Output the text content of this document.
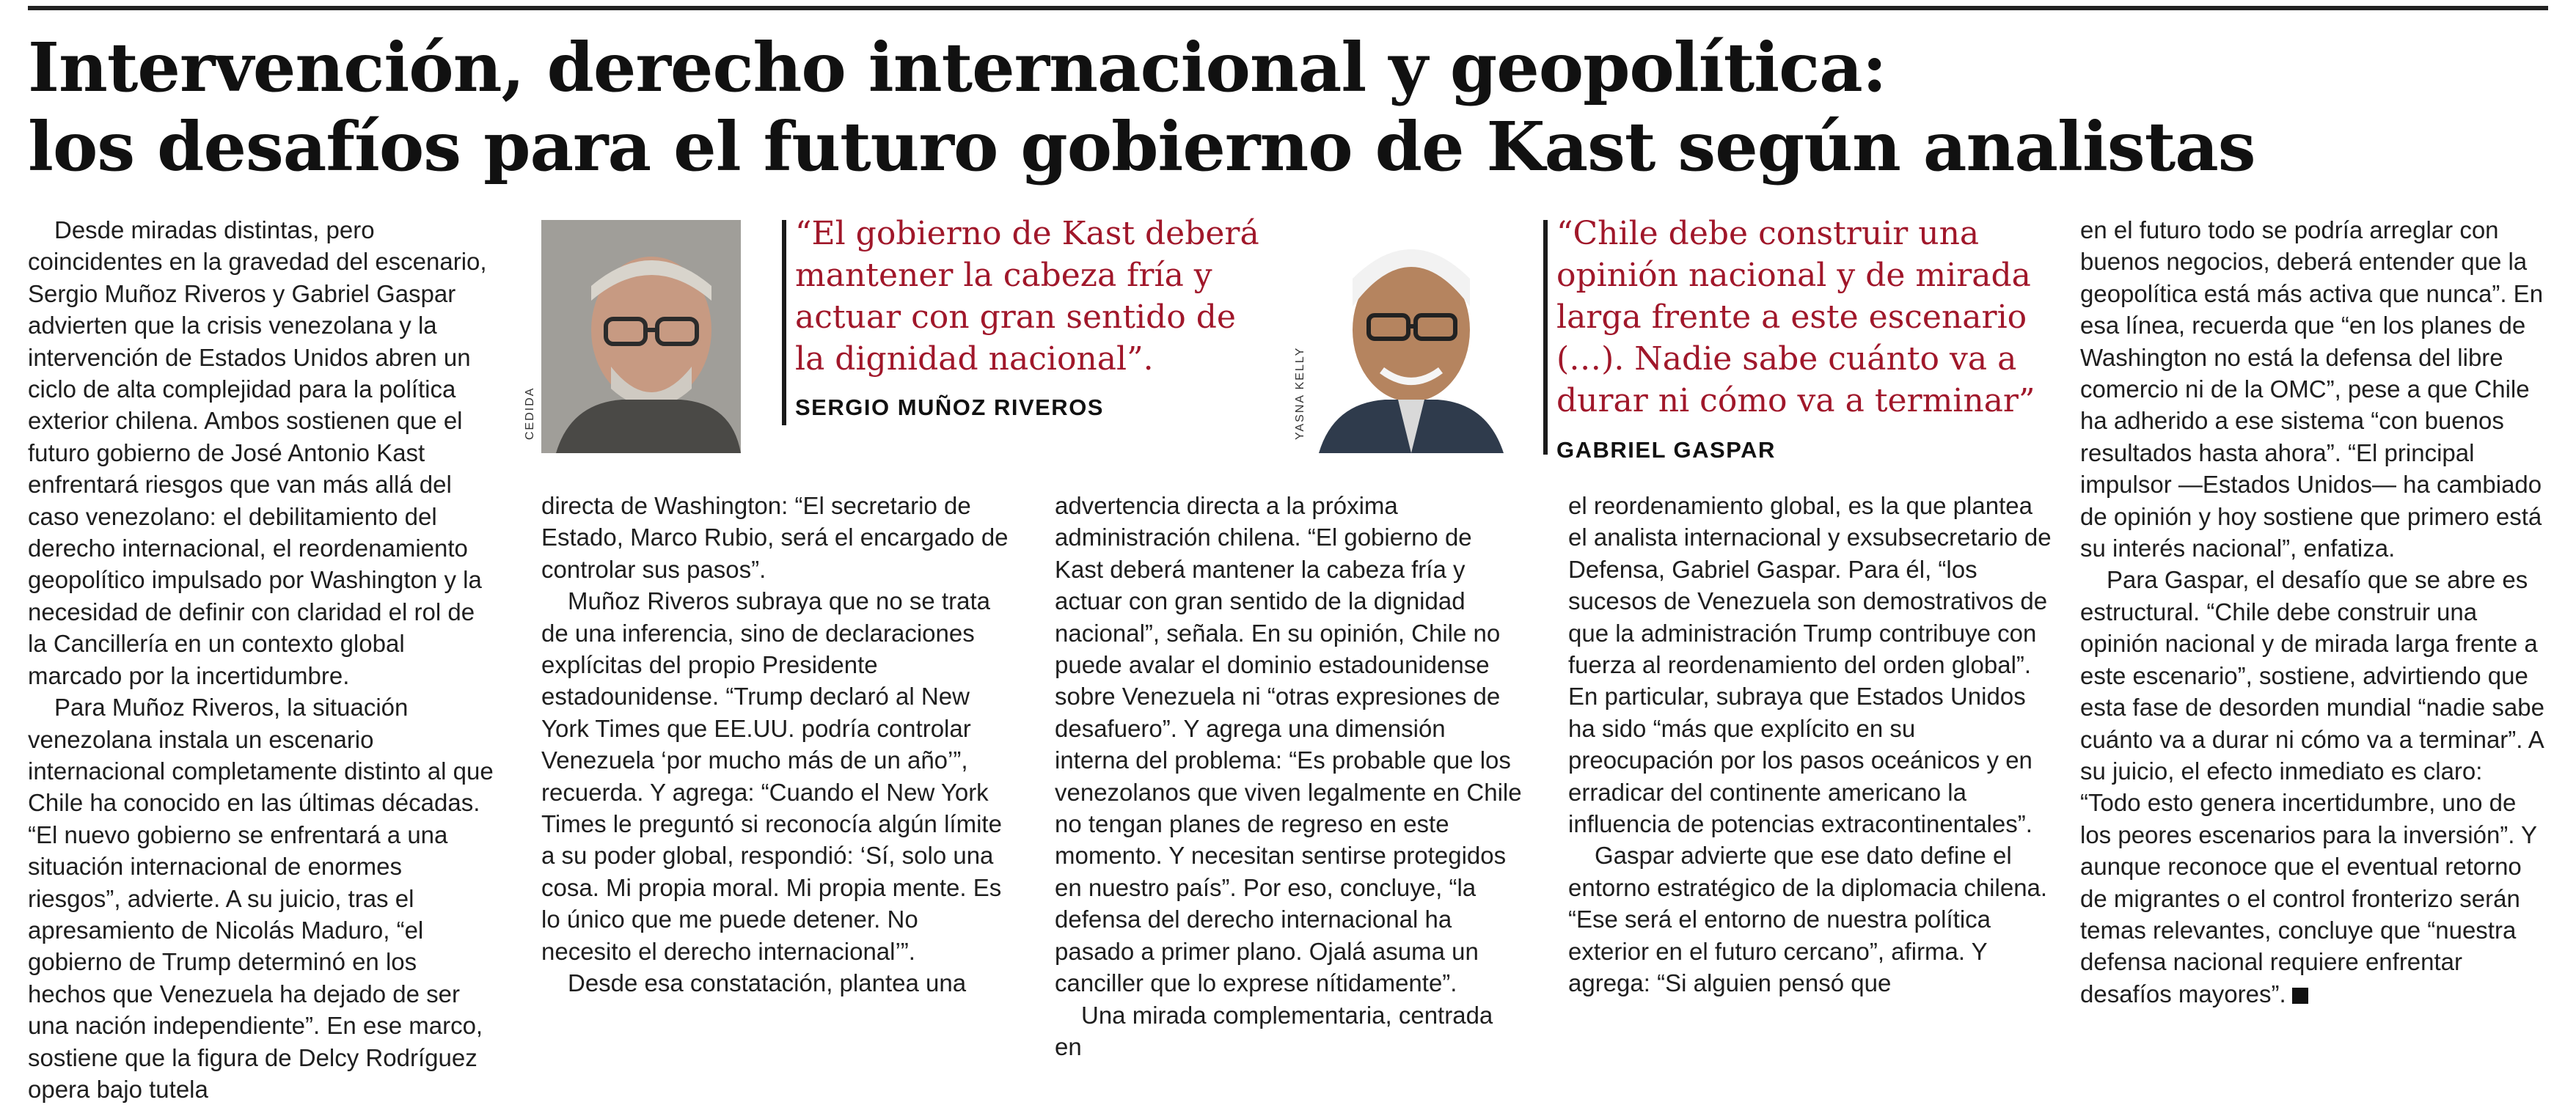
Intervención, derecho internacional y geopolítica:
los desafíos para el futuro gobierno de Kast según analistas

Desde miradas distintas, pero coincidentes en la gravedad del escenario, Sergio Muñoz Riveros y Gabriel Gaspar advierten que la crisis venezolana y la intervención de Estados Unidos abren un ciclo de alta complejidad para la política exterior chilena. Ambos sostienen que el futuro gobierno de José Antonio Kast enfrentará riesgos que van más allá del caso venezolano: el debilitamiento del derecho internacional, el reordenamiento geopolítico impulsado por Washington y la necesidad de definir con claridad el rol de la Cancillería en un contexto global marcado por la incertidumbre.

Para Muñoz Riveros, la situación venezolana instala un escenario internacional completamente distinto al que Chile ha conocido en las últimas décadas. “El nuevo gobierno se enfrentará a una situación internacional de enormes riesgos”, advierte. A su juicio, tras el apresamiento de Nicolás Maduro, “el gobierno de Trump determinó en los hechos que Venezuela ha dejado de ser una nación independiente”. En ese marco, sostiene que la figura de Delcy Rodríguez opera bajo tutela

CEDIDA
“El gobierno de Kast deberá mantener la cabeza fría y actuar con gran sentido de la dignidad nacional”.
SERGIO MUÑOZ RIVEROS

directa de Washington: “El secretario de Estado, Marco Rubio, será el encargado de controlar sus pasos”.

Muñoz Riveros subraya que no se trata de una inferencia, sino de declaraciones explícitas del propio Presidente estadounidense. “Trump declaró al New York Times que EE.UU. podría controlar Venezuela ‘por mucho más de un año’”, recuerda. Y agrega: “Cuando el New York Times le preguntó si reconocía algún límite a su poder global, respondió: ‘Sí, solo una cosa. Mi propia moral. Mi propia mente. Es lo único que me puede detener. No necesito el derecho internacional’”.

Desde esa constatación, plantea una

advertencia directa a la próxima administración chilena. “El gobierno de Kast deberá mantener la cabeza fría y actuar con gran sentido de la dignidad nacional”, señala. En su opinión, Chile no puede avalar el dominio estadounidense sobre Venezuela ni “otras expresiones de desafuero”. Y agrega una dimensión interna del problema: “Es probable que los venezolanos que viven legalmente en Chile no tengan planes de regreso en este momento. Y necesitan sentirse protegidos en nuestro país”. Por eso, concluye, “la defensa del derecho internacional ha pasado a primer plano. Ojalá asuma un canciller que lo exprese nítidamente”.

Una mirada complementaria, centrada en

YASNA KELLY
“Chile debe construir una opinión nacional y de mirada larga frente a este escenario (…). Nadie sabe cuánto va a durar ni cómo va a terminar”
GABRIEL GASPAR

el reordenamiento global, es la que plantea el analista internacional y exsubsecretario de Defensa, Gabriel Gaspar. Para él, “los sucesos de Venezuela son demostrativos de que la administración Trump contribuye con fuerza al reordenamiento del orden global”. En particular, subraya que Estados Unidos ha sido “más que explícito en su preocupación por los pasos oceánicos y en erradicar del continente americano la influencia de potencias extracontinentales”.

Gaspar advierte que ese dato define el entorno estratégico de la diplomacia chilena. “Ese será el entorno de nuestra política exterior en el futuro cercano”, afirma. Y agrega: “Si alguien pensó que

en el futuro todo se podría arreglar con buenos negocios, deberá entender que la geopolítica está más activa que nunca”. En esa línea, recuerda que “en los planes de Washington no está la defensa del libre comercio ni de la OMC”, pese a que Chile ha adherido a ese sistema “con buenos resultados hasta ahora”. “El principal impulsor —Estados Unidos— ha cambiado de opinión y hoy sostiene que primero está su interés nacional”, enfatiza.

Para Gaspar, el desafío que se abre es estructural. “Chile debe construir una opinión nacional y de mirada larga frente a este escenario”, sostiene, advirtiendo que esta fase de desorden mundial “nadie sabe cuánto va a durar ni cómo va a terminar”. A su juicio, el efecto inmediato es claro: “Todo esto genera incertidumbre, uno de los peores escenarios para la inversión”. Y aunque reconoce que el eventual retorno de migrantes o el control fronterizo serán temas relevantes, concluye que “nuestra defensa nacional requiere enfrentar desafíos mayores”.
